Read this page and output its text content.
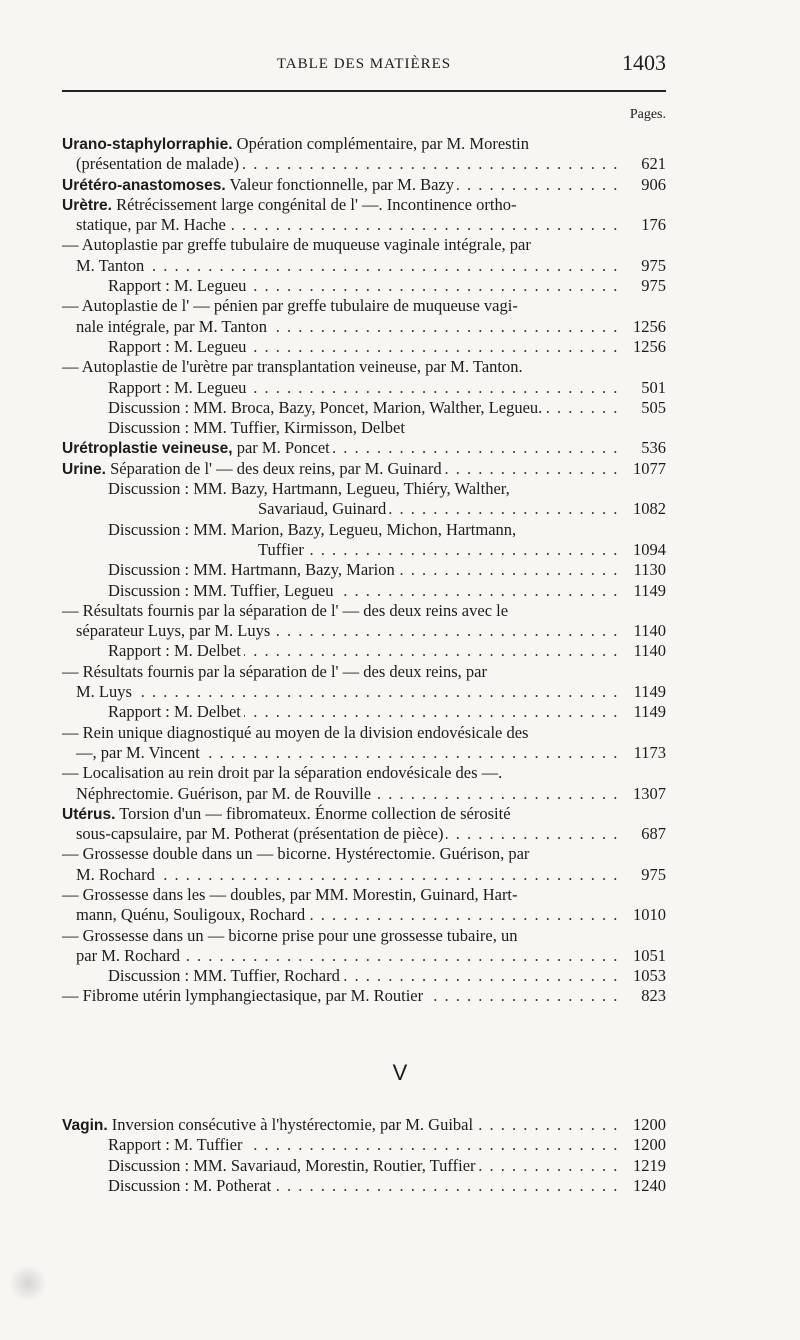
TABLE DES MATIÈRES	1403
Pages.
Urano-staphylorraphie. Opération complémentaire, par M. Morestin
. . . (présentation de malade)	621
. . . Urétéro-anastomoses. Valeur fonctionnelle, par M. Bazy	906
Urètre. Rétrécissement large congénital de l' —. Incontinence ortho-
. . . statique, par M. Hache	176
— Autoplastie par greffe tubulaire de muqueuse vaginale intégrale, par
. . . M. Tanton	975
. . . Rapport : M. Legueu	975
— Autoplastie de l' — pénien par greffe tubulaire de muqueuse vagi-
. . . nale intégrale, par M. Tanton	1256
. . . Rapport : M. Legueu	1256
— Autoplastie de l'urètre par transplantation veineuse, par M. Tanton.
. . . Rapport : M. Legueu	501
. . . Discussion : MM. Broca, Bazy, Poncet, Marion, Walther, Legueu.	505
Discussion : MM. Tuffier, Kirmisson, Delbet
. . . Urétroplastie veineuse, par M. Poncet	536
. . . Urine. Séparation de l' — des deux reins, par M. Guinard	1077
Discussion : MM. Bazy, Hartmann, Legueu, Thiéry, Walther,
. . . Savariaud, Guinard	1082
Discussion : MM. Marion, Bazy, Legueu, Michon, Hartmann,
. . . Tuffier	1094
. . . Discussion : MM. Hartmann, Bazy, Marion	1130
. . . Discussion : MM. Tuffier, Legueu	1149
— Résultats fournis par la séparation de l' — des deux reins avec le
. . . séparateur Luys, par M. Luys	1140
. . . Rapport : M. Delbet	1140
— Résultats fournis par la séparation de l' — des deux reins, par
. . . M. Luys	1149
. . . Rapport : M. Delbet	1149
— Rein unique diagnostiqué au moyen de la division endovésicale des
. . . —, par M. Vincent	1173
— Localisation au rein droit par la séparation endovésicale des —.
. . . Néphrectomie. Guérison, par M. de Rouville	1307
Utérus. Torsion d'un — fibromateux. Énorme collection de sérosité
. . . sous-capsulaire, par M. Potherat (présentation de pièce)	687
— Grossesse double dans un — bicorne. Hystérectomie. Guérison, par
. . . M. Rochard	975
— Grossesse dans les — doubles, par MM. Morestin, Guinard, Hart-
. . . mann, Quénu, Souligoux, Rochard	1010
— Grossesse dans un — bicorne prise pour une grossesse tubaire, un
. . . par M. Rochard	1051
. . . Discussion : MM. Tuffier, Rochard	1053
. . . — Fibrome utérin lymphangiectasique, par M. Routier	823
V
. . . Vagin. Inversion consécutive à l'hystérectomie, par M. Guibal	1200
. . . Rapport : M. Tuffier	1200
. . . Discussion : MM. Savariaud, Morestin, Routier, Tuffier	1219
. . . Discussion : M. Potherat	1240
